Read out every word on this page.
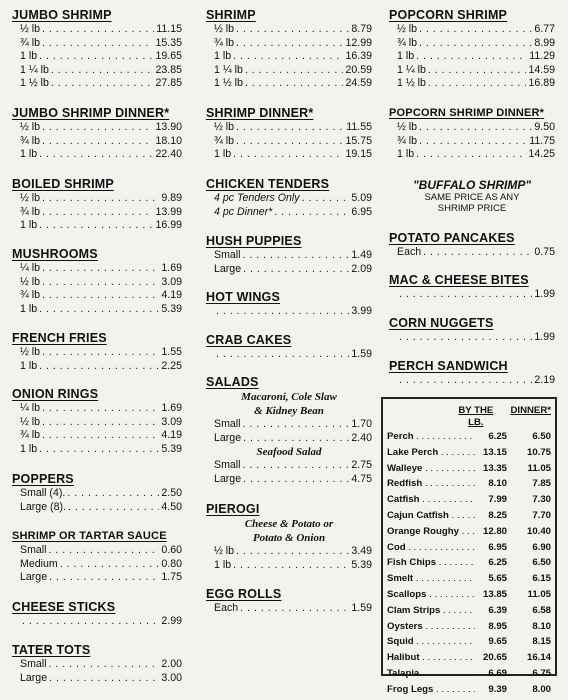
JUMBO SHRIMP
½ lb . . .	11.15
¾ lb . . .	15.35
1 lb . . .	19.65
1 ¼ lb . . .	23.85
1 ½ lb . . .	27.85
JUMBO SHRIMP DINNER*
½ lb . . .	13.90
¾ lb . . .	18.10
1 lb . . .	22.40
BOILED SHRIMP
½ lb . . .	9.89
¾ lb . . .	13.99
1 lb . . .	16.99
MUSHROOMS
¼ lb . . .	1.69
½ lb . . .	3.09
¾ lb . . .	4.19
1 lb . . .	5.39
FRENCH FRIES
½ lb . . .	1.55
1 lb . . .	2.25
ONION RINGS
¼ lb . . .	1.69
½ lb . . .	3.09
¾ lb . . .	4.19
1 lb . . .	5.39
POPPERS
Small (4). . . .	2.50
Large (8). . . .	4.50
SHRIMP OR TARTAR SAUCE
Small . . .	0.60
Medium . . .	0.80
Large . . .	1.75
CHEESE STICKS
. . .
2.99
TATER TOTS
Small . . .	2.00
Large . . .	3.00
SHRIMP
½ lb . . .	8.79
¾ lb . . .	12.99
1 lb . . .	16.39
1 ¼ lb . . .	20.59
1 ½ lb . . .	24.59
SHRIMP DINNER*
½ lb . . .	11.55
¾ lb . . .	15.75
1 lb . . .	19.15
CHICKEN TENDERS
4 pc Tenders Only . . .	5.09
4 pc Dinner* . . .	6.95
HUSH PUPPIES
Small . . .	1.49
Large . . .	2.09
HOT WINGS
. . .
3.99
CRAB CAKES
. . .
1.59
SALADS
Macaroni, Cole Slaw
& Kidney Bean
Small . . .	1.70
Large . . .	2.40
Seafood Salad
Small . . .	2.75
Large . . .	4.75
PIEROGI
Cheese & Potato or
Potato & Onion
½ lb . . .	3.49
1 lb . . .	5.39
EGG ROLLS
Each . . .	1.59
POPCORN SHRIMP
½ lb . . .	6.77
¾ lb . . .	8.99
1 lb . . .	11.29
1 ¼ lb . . .	14.59
1 ½ lb . . .	16.89
POPCORN SHRIMP DINNER*
½ lb . . .	9.50
¾ lb . . .	11.75
1 lb . . .	14.25
"BUFFALO SHRIMP"
SAME PRICE AS ANY
SHRIMP PRICE
POTATO PANCAKES
Each . . .	0.75
MAC & CHEESE BITES
. . .
1.99
CORN NUGGETS
. . .
1.99
PERCH SANDWICH
. . .
2.19
BY THE LB.
DINNER*
Perch . . .	6.25	6.50
Lake Perch . . .	13.15	10.75
Walleye . . .	13.35	11.05
Redfish . . .	8.10	7.85
Catfish . . .	7.99	7.30
Cajun Catfish . . .	8.25	7.70
Orange Roughy . . .	12.80	10.40
Cod . . .	6.95	6.90
Fish Chips . . .	6.25	6.50
Smelt . . .	5.65	6.15
Scallops . . .	13.85	11.05
Clam Strips . . .	6.39	6.58
Oysters . . .	8.95	8.10
Squid . . .	9.65	8.15
Halibut . . .	20.65	16.14
Talapia . . .	6.69	6.75
Frog Legs . . .	9.39	8.00
